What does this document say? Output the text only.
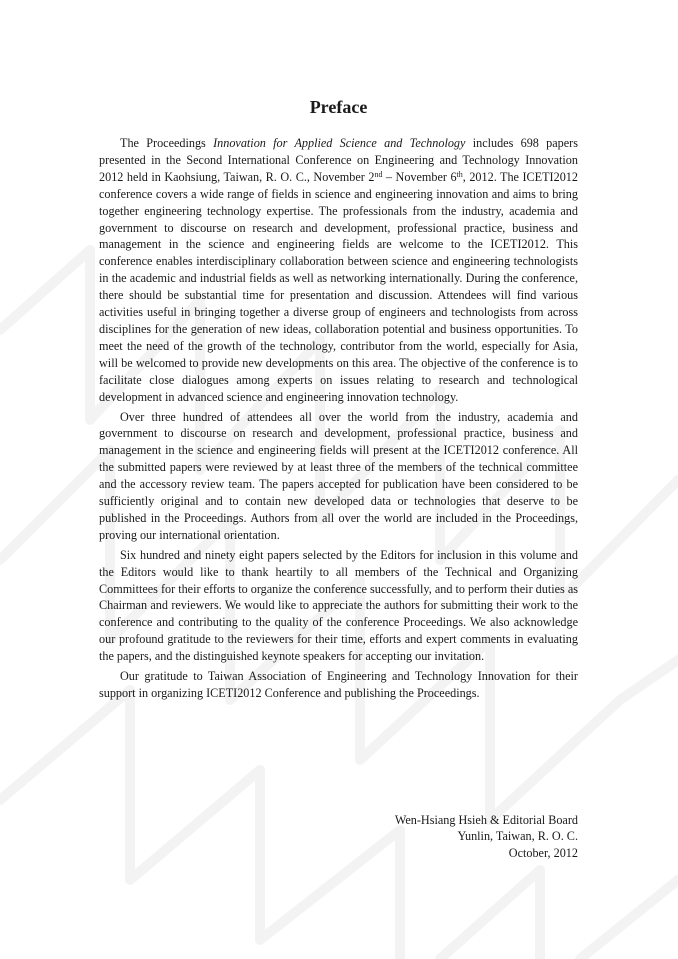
Preface

The Proceedings Innovation for Applied Science and Technology includes 698 papers presented in the Second International Conference on Engineering and Technology Innovation 2012 held in Kaohsiung, Taiwan, R. O. C., November 2nd – November 6th, 2012. The ICETI2012 conference covers a wide range of fields in science and engineering innovation and aims to bring together engineering technology expertise. The professionals from the industry, academia and government to discourse on research and development, professional practice, business and management in the science and engineering fields are welcome to the ICETI2012. This conference enables interdisciplinary collaboration between science and engineering technologists in the academic and industrial fields as well as networking internationally. During the conference, there should be substantial time for presentation and discussion. Attendees will find various activities useful in bringing together a diverse group of engineers and technologists from across disciplines for the generation of new ideas, collaboration potential and business opportunities. To meet the need of the growth of the technology, contributor from the world, especially for Asia, will be welcomed to provide new developments on this area. The objective of the conference is to facilitate close dialogues among experts on issues relating to research and technological development in advanced science and engineering innovation technology.

Over three hundred of attendees all over the world from the industry, academia and government to discourse on research and development, professional practice, business and management in the science and engineering fields will present at the ICETI2012 conference. All the submitted papers were reviewed by at least three of the members of the technical committee and the accessory review team. The papers accepted for publication have been considered to be sufficiently original and to contain new developed data or technologies that deserve to be published in the Proceedings. Authors from all over the world are included in the Proceedings, proving our international orientation.

Six hundred and ninety eight papers selected by the Editors for inclusion in this volume and the Editors would like to thank heartily to all members of the Technical and Organizing Committees for their efforts to organize the conference successfully, and to perform their duties as Chairman and reviewers. We would like to appreciate the authors for submitting their work to the conference and contributing to the quality of the conference Proceedings. We also acknowledge our profound gratitude to the reviewers for their time, efforts and expert comments in evaluating the papers, and the distinguished keynote speakers for accepting our invitation.

Our gratitude to Taiwan Association of Engineering and Technology Innovation for their support in organizing ICETI2012 Conference and publishing the Proceedings.

Wen-Hsiang Hsieh & Editorial Board
Yunlin, Taiwan, R. O. C.
October, 2012
